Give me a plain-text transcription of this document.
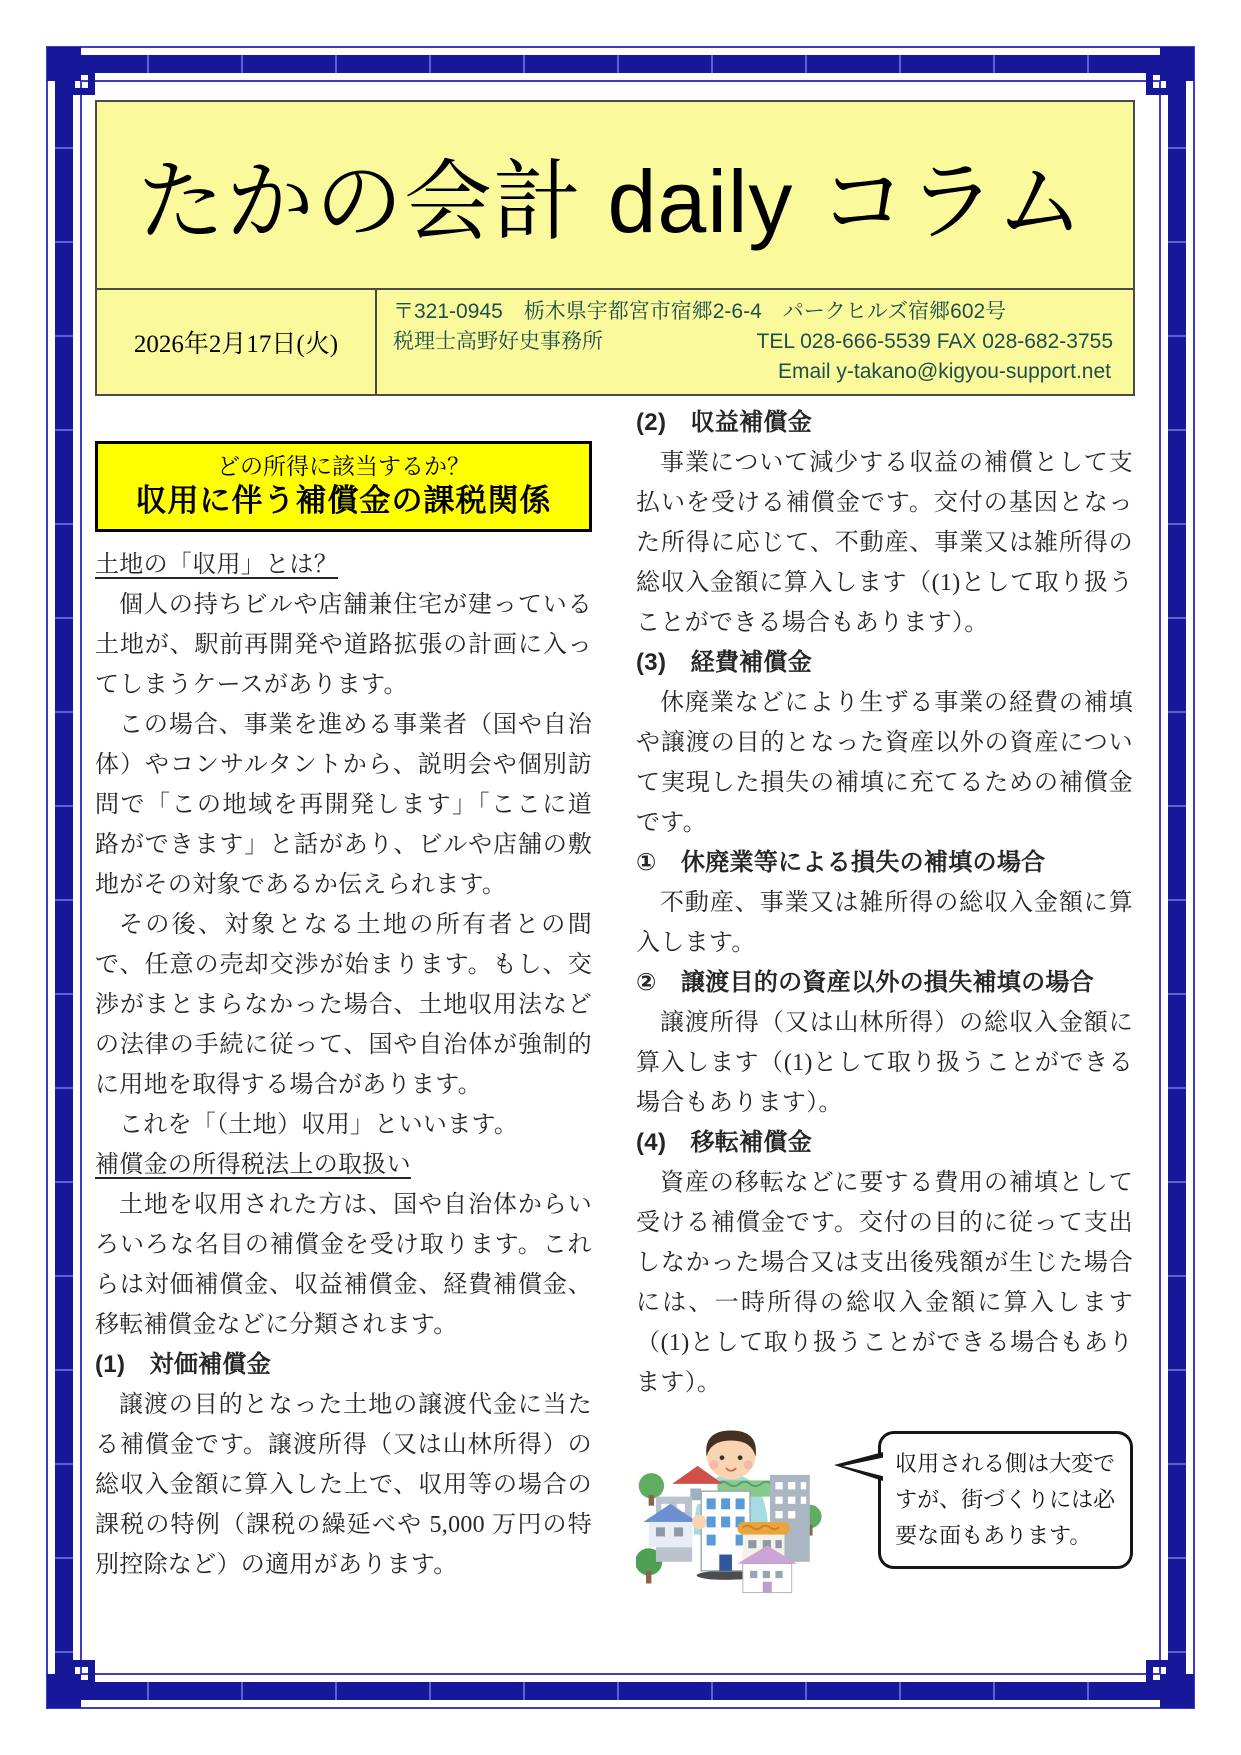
たかの会計 daily コラム
2026年2月17日(火)
〒321-0945　栃木県宇都宮市宿郷2-6-4　パークヒルズ宿郷602号
税理士高野好史事務所	TEL 028-666-5539 FAX 028-682-3755
Email y-takano@kigyou-support.net
どの所得に該当するか？
収用に伴う補償金の課税関係
土地の「収用」とは？
個人の持ちビルや店舗兼住宅が建っている土地が、駅前再開発や道路拡張の計画に入ってしまうケースがあります。
この場合、事業を進める事業者（国や自治体）やコンサルタントから、説明会や個別訪問で「この地域を再開発します」「ここに道路ができます」と話があり、ビルや店舗の敷地がその対象であるか伝えられます。
その後、対象となる土地の所有者との間で、任意の売却交渉が始まります。もし、交渉がまとまらなかった場合、土地収用法などの法律の手続に従って、国や自治体が強制的に用地を取得する場合があります。
これを「（土地）収用」といいます。
補償金の所得税法上の取扱い
土地を収用された方は、国や自治体からいろいろな名目の補償金を受け取ります。これらは対価補償金、収益補償金、経費補償金、移転補償金などに分類されます。
(1)　対価補償金
譲渡の目的となった土地の譲渡代金に当たる補償金です。譲渡所得（又は山林所得）の総収入金額に算入した上で、収用等の場合の課税の特例（課税の繰延べや 5,000 万円の特別控除など）の適用があります。
(2)　収益補償金
事業について減少する収益の補償として支払いを受ける補償金です。交付の基因となった所得に応じて、不動産、事業又は雑所得の総収入金額に算入します（(1)として取り扱うことができる場合もあります）。
(3)　経費補償金
休廃業などにより生ずる事業の経費の補填や譲渡の目的となった資産以外の資産について実現した損失の補填に充てるための補償金です。
①　休廃業等による損失の補填の場合
不動産、事業又は雑所得の総収入金額に算入します。
②　譲渡目的の資産以外の損失補填の場合
譲渡所得（又は山林所得）の総収入金額に算入します（(1)として取り扱うことができる場合もあります）。
(4)　移転補償金
資産の移転などに要する費用の補填として受ける補償金です。交付の目的に従って支出しなかった場合又は支出後残額が生じた場合には、一時所得の総収入金額に算入します（(1)として取り扱うことができる場合もあります）。
収用される側は大変ですが、街づくりには必要な面もあります。
